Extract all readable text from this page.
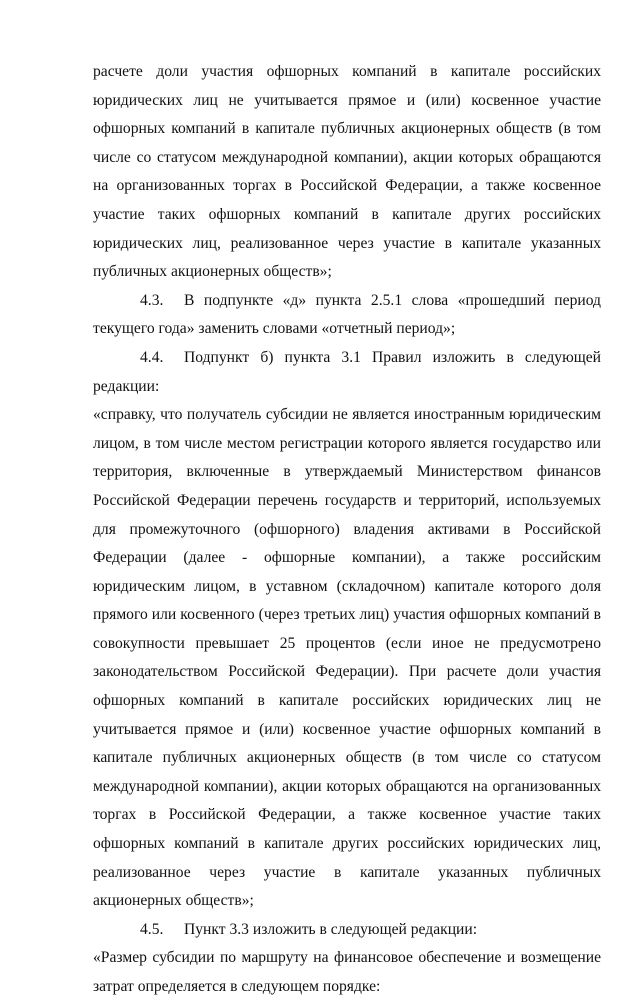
расчете доли участия офшорных компаний в капитале российских юридических лиц не учитывается прямое и (или) косвенное участие офшорных компаний в капитале публичных акционерных обществ (в том числе со статусом международной компании), акции которых обращаются на организованных торгах в Российской Федерации, а также косвенное участие таких офшорных компаний в капитале других российских юридических лиц, реализованное через участие в капитале указанных публичных акционерных обществ»;

4.3. В подпункте «д» пункта 2.5.1 слова «прошедший период текущего года» заменить словами «отчетный период»;

4.4. Подпункт б) пункта 3.1 Правил изложить в следующей редакции:

«справку, что получатель субсидии не является иностранным юридическим лицом, в том числе местом регистрации которого является государство или территория, включенные в утверждаемый Министерством финансов Российской Федерации перечень государств и территорий, используемых для промежуточного (офшорного) владения активами в Российской Федерации (далее - офшорные компании), а также российским юридическим лицом, в уставном (складочном) капитале которого доля прямого или косвенного (через третьих лиц) участия офшорных компаний в совокупности превышает 25 процентов (если иное не предусмотрено законодательством Российской Федерации). При расчете доли участия офшорных компаний в капитале российских юридических лиц не учитывается прямое и (или) косвенное участие офшорных компаний в капитале публичных акционерных обществ (в том числе со статусом международной компании), акции которых обращаются на организованных торгах в Российской Федерации, а также косвенное участие таких офшорных компаний в капитале других российских юридических лиц, реализованное через участие в капитале указанных публичных акционерных обществ»;

4.5. Пункт 3.3 изложить в следующей редакции:

«Размер субсидии по маршруту на финансовое обеспечение и возмещение затрат определяется в следующем порядке:
